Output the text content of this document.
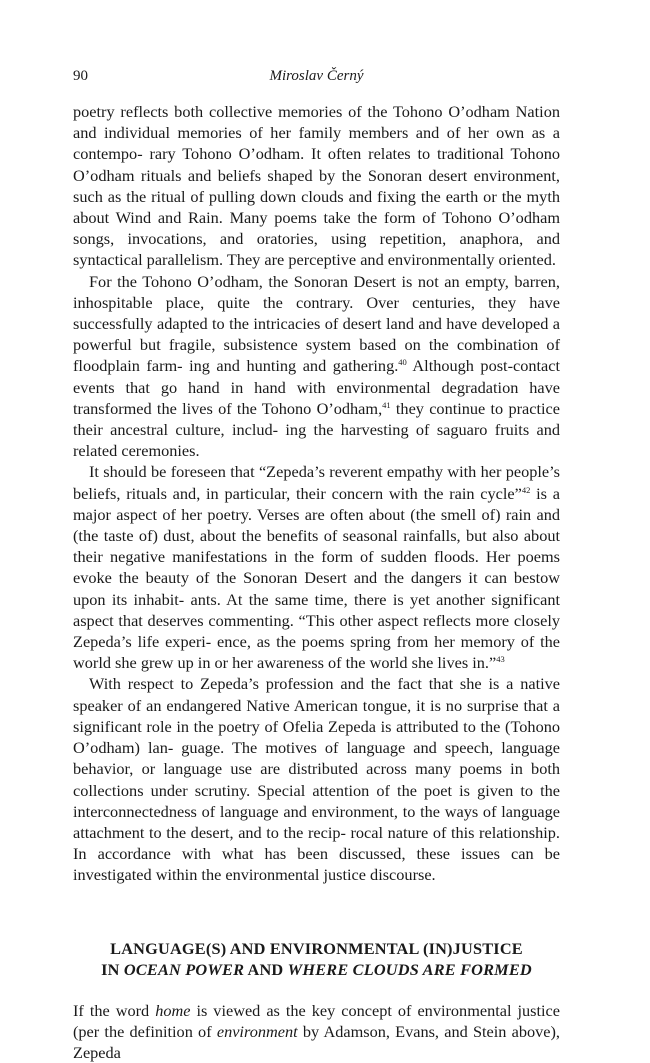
90	Miroslav Černý

poetry reflects both collective memories of the Tohono O’odham Nation and individual memories of her family members and of her own as a contempo- rary Tohono O’odham. It often relates to traditional Tohono O’odham rituals and beliefs shaped by the Sonoran desert environment, such as the ritual of pulling down clouds and fixing the earth or the myth about Wind and Rain. Many poems take the form of Tohono O’odham songs, invocations, and oratories, using repetition, anaphora, and syntactical parallelism. They are perceptive and environmentally oriented.

For the Tohono O’odham, the Sonoran Desert is not an empty, barren, inhospitable place, quite the contrary. Over centuries, they have successfully adapted to the intricacies of desert land and have developed a powerful but fragile, subsistence system based on the combination of floodplain farm- ing and hunting and gathering.$^{40}$ Although post-contact events that go hand in hand with environmental degradation have transformed the lives of the Tohono O’odham,$^{41}$ they continue to practice their ancestral culture, includ- ing the harvesting of saguaro fruits and related ceremonies.

It should be foreseen that “Zepeda’s reverent empathy with her people’s beliefs, rituals and, in particular, their concern with the rain cycle”$^{42}$ is a major aspect of her poetry. Verses are often about (the smell of) rain and (the taste of) dust, about the benefits of seasonal rainfalls, but also about their negative manifestations in the form of sudden floods. Her poems evoke the beauty of the Sonoran Desert and the dangers it can bestow upon its inhabit- ants. At the same time, there is yet another significant aspect that deserves commenting. “This other aspect reflects more closely Zepeda’s life experi- ence, as the poems spring from her memory of the world she grew up in or her awareness of the world she lives in.”$^{43}$

With respect to Zepeda’s profession and the fact that she is a native speaker of an endangered Native American tongue, it is no surprise that a significant role in the poetry of Ofelia Zepeda is attributed to the (Tohono O’odham) lan- guage. The motives of language and speech, language behavior, or language use are distributed across many poems in both collections under scrutiny. Special attention of the poet is given to the interconnectedness of language and environment, to the ways of language attachment to the desert, and to the recip- rocal nature of this relationship. In accordance with what has been discussed, these issues can be investigated within the environmental justice discourse.

LANGUAGE(S) AND ENVIRONMENTAL (IN)JUSTICE
IN OCEAN POWER AND WHERE CLOUDS ARE FORMED

If the word home is viewed as the key concept of environmental justice (per the definition of environment by Adamson, Evans, and Stein above), Zepeda
